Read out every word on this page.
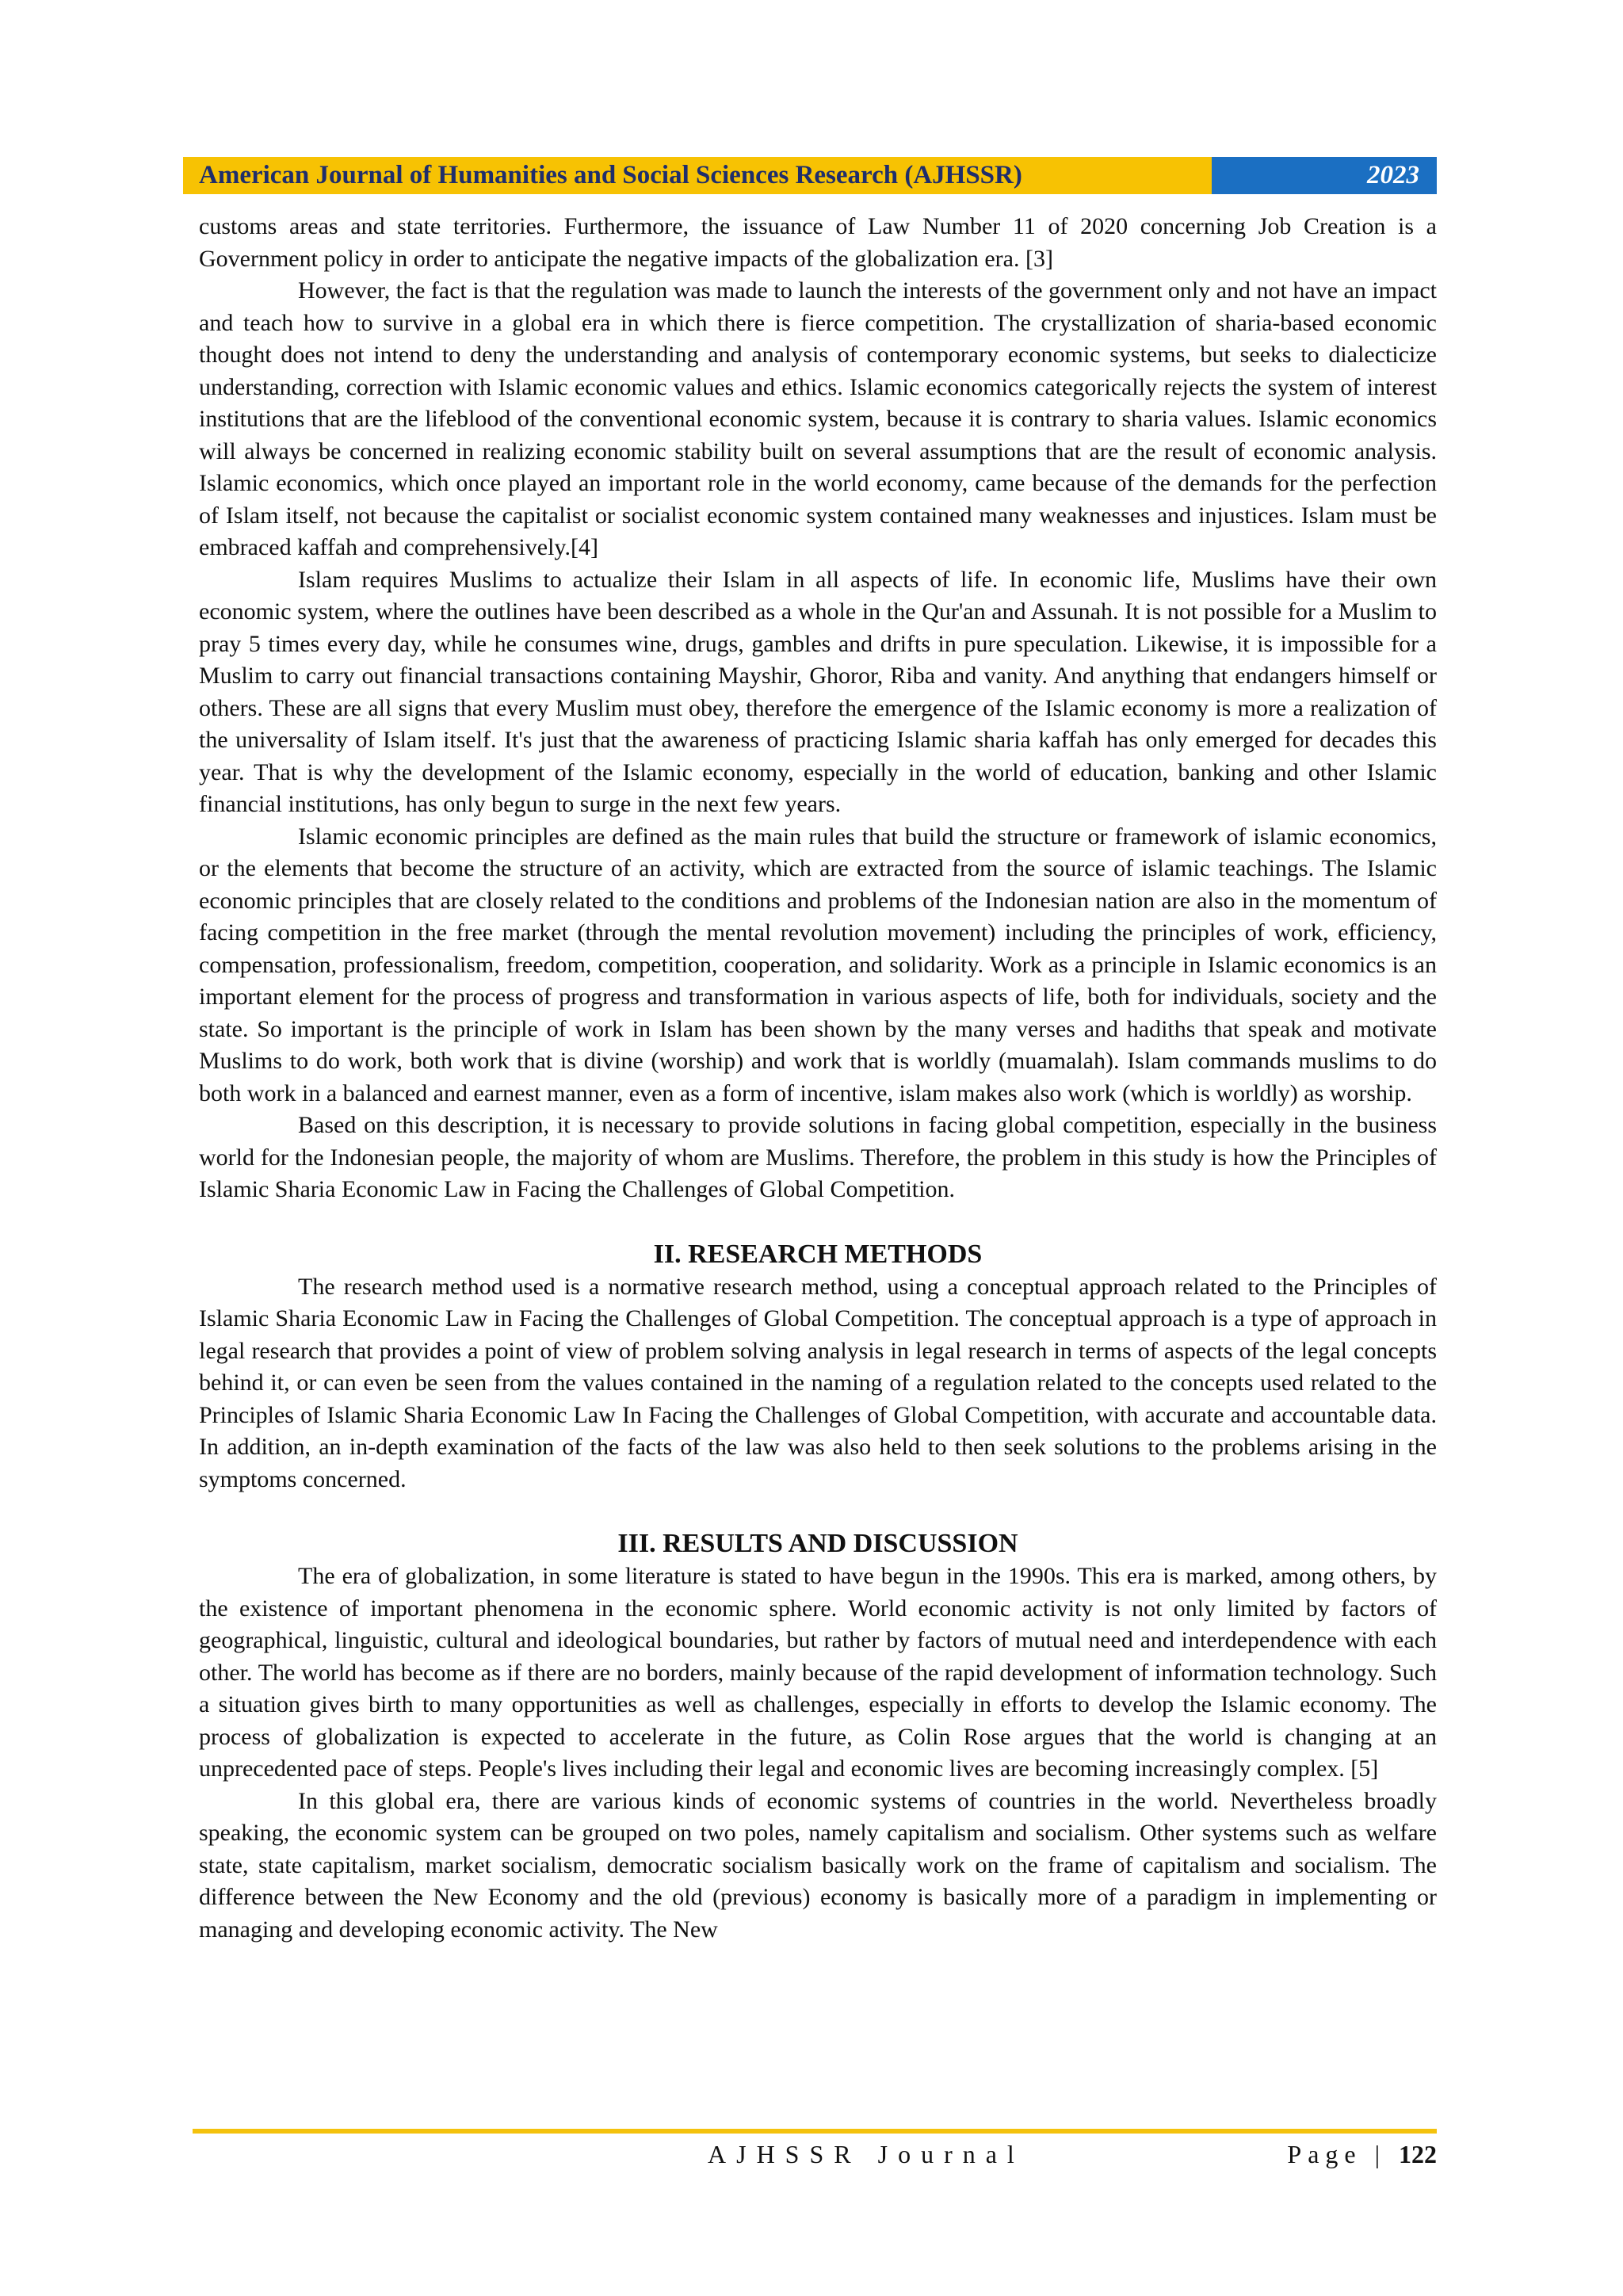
American Journal of Humanities and Social Sciences Research (AJHSSR)	2023

customs areas and state territories. Furthermore, the issuance of Law Number 11 of 2020 concerning Job Creation is a Government policy in order to anticipate the negative impacts of the globalization era. [3]

However, the fact is that the regulation was made to launch the interests of the government only and not have an impact and teach how to survive in a global era in which there is fierce competition. The crystallization of sharia-based economic thought does not intend to deny the understanding and analysis of contemporary economic systems, but seeks to dialecticize understanding, correction with Islamic economic values and ethics. Islamic economics categorically rejects the system of interest institutions that are the lifeblood of the conventional economic system, because it is contrary to sharia values. Islamic economics will always be concerned in realizing economic stability built on several assumptions that are the result of economic analysis. Islamic economics, which once played an important role in the world economy, came because of the demands for the perfection of Islam itself, not because the capitalist or socialist economic system contained many weaknesses and injustices. Islam must be embraced kaffah and comprehensively.[4]

Islam requires Muslims to actualize their Islam in all aspects of life. In economic life, Muslims have their own economic system, where the outlines have been described as a whole in the Qur'an and Assunah. It is not possible for a Muslim to pray 5 times every day, while he consumes wine, drugs, gambles and drifts in pure speculation. Likewise, it is impossible for a Muslim to carry out financial transactions containing Mayshir, Ghoror, Riba and vanity. And anything that endangers himself or others. These are all signs that every Muslim must obey, therefore the emergence of the Islamic economy is more a realization of the universality of Islam itself. It's just that the awareness of practicing Islamic sharia kaffah has only emerged for decades this year. That is why the development of the Islamic economy, especially in the world of education, banking and other Islamic financial institutions, has only begun to surge in the next few years.

Islamic economic principles are defined as the main rules that build the structure or framework of islamic economics, or the elements that become the structure of an activity, which are extracted from the source of islamic teachings. The Islamic economic principles that are closely related to the conditions and problems of the Indonesian nation are also in the momentum of facing competition in the free market (through the mental revolution movement) including the principles of work, efficiency, compensation, professionalism, freedom, competition, cooperation, and solidarity. Work as a principle in Islamic economics is an important element for the process of progress and transformation in various aspects of life, both for individuals, society and the state. So important is the principle of work in Islam has been shown by the many verses and hadiths that speak and motivate Muslims to do work, both work that is divine (worship) and work that is worldly (muamalah). Islam commands muslims to do both work in a balanced and earnest manner, even as a form of incentive, islam makes also work (which is worldly) as worship.

Based on this description, it is necessary to provide solutions in facing global competition, especially in the business world for the Indonesian people, the majority of whom are Muslims. Therefore, the problem in this study is how the Principles of Islamic Sharia Economic Law in Facing the Challenges of Global Competition.

II. RESEARCH METHODS

The research method used is a normative research method, using a conceptual approach related to the Principles of Islamic Sharia Economic Law in Facing the Challenges of Global Competition. The conceptual approach is a type of approach in legal research that provides a point of view of problem solving analysis in legal research in terms of aspects of the legal concepts behind it, or can even be seen from the values contained in the naming of a regulation related to the concepts used related to the Principles of Islamic Sharia Economic Law In Facing the Challenges of Global Competition, with accurate and accountable data. In addition, an in-depth examination of the facts of the law was also held to then seek solutions to the problems arising in the symptoms concerned.

III. RESULTS AND DISCUSSION

The era of globalization, in some literature is stated to have begun in the 1990s. This era is marked, among others, by the existence of important phenomena in the economic sphere. World economic activity is not only limited by factors of geographical, linguistic, cultural and ideological boundaries, but rather by factors of mutual need and interdependence with each other. The world has become as if there are no borders, mainly because of the rapid development of information technology. Such a situation gives birth to many opportunities as well as challenges, especially in efforts to develop the Islamic economy. The process of globalization is expected to accelerate in the future, as Colin Rose argues that the world is changing at an unprecedented pace of steps. People's lives including their legal and economic lives are becoming increasingly complex. [5]

In this global era, there are various kinds of economic systems of countries in the world. Nevertheless broadly speaking, the economic system can be grouped on two poles, namely capitalism and socialism. Other systems such as welfare state, state capitalism, market socialism, democratic socialism basically work on the frame of capitalism and socialism. The difference between the New Economy and the old (previous) economy is basically more of a paradigm in implementing or managing and developing economic activity. The New

AJHSSR Journal	Page | 122
